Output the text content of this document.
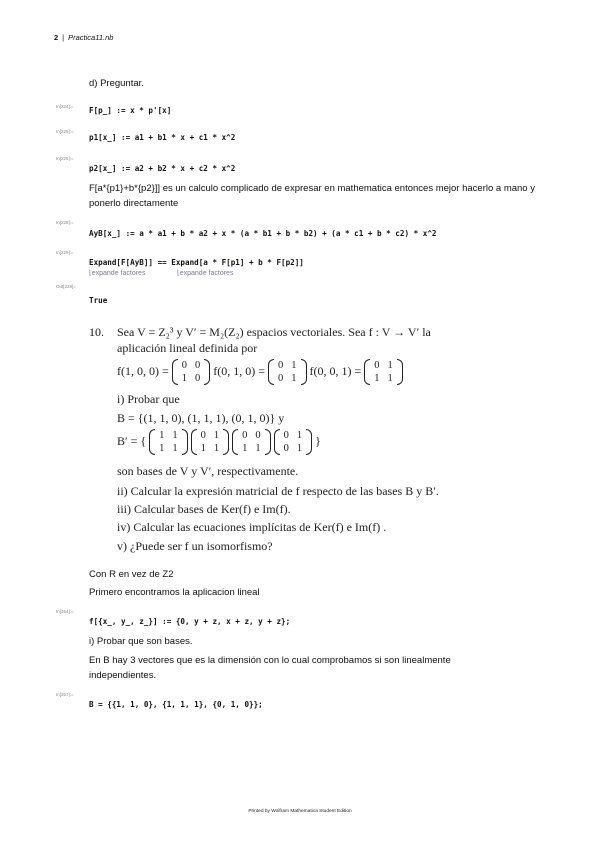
2 | Practica11.nb
d) Preguntar.
In[224]:= F[p_] := x * p'[x]
In[225]:=
p1[x_] := a1 + b1 * x + c1 * x^2
In[226]:=
p2[x_] := a2 + b2 * x + c2 * x^2
F[a*{p1}+b*{p2}]] es un calculo complicado de expresar en mathematica entonces mejor hacerlo a mano y ponerlo directamente
In[228]:=
AyB[x_] := a * a1 + b * a2 + x * (a * b1 + b * b2) + (a * c1 + b * c2) * x^2
In[229]:=
Expand[F[AyB]] == Expand[a * F[p1] + b * F[p2]]
⌊expande factores	⌊expande factores
Out[229]=
True
10. Sea V = Z₂³ y V′ = M₂(Z₂) espacios vectoriales. Sea f : V → V′ la
aplicación lineal definida por
f(1, 0, 0) = 0	0
1	0
f(0, 1, 0) = 0	1
0	1
f(0, 0, 1) = 0	1
1	1
i) Probar que
B = {(1, 1, 0), (1, 1, 1), (0, 1, 0)} y
B′ = { 1	1
1	1

0	1
1	1

0	0
1	1

0	1
0	1
}
son bases de V y V′, respectivamente.
ii) Calcular la expresión matricial de f respecto de las bases B y B′.
iii) Calcular bases de Ker(f) e Im(f).
iv) Calcular las ecuaciones implícitas de Ker(f) e Im(f) .
v) ¿Puede ser f un isomorfismo?
Con R en vez de Z2
Primero encontramos la aplicacion lineal
In[354]:=
f[{x_, y_, z_}] := {0, y + z, x + z, y + z};
i) Probar que son bases.
En B hay 3 vectores que es la dimensión con lo cual comprobamos si son linealmente independientes.
In[357]:=
B = {{1, 1, 0}, {1, 1, 1}, {0, 1, 0}};
Printed by Wolfram Mathematica Student Edition
